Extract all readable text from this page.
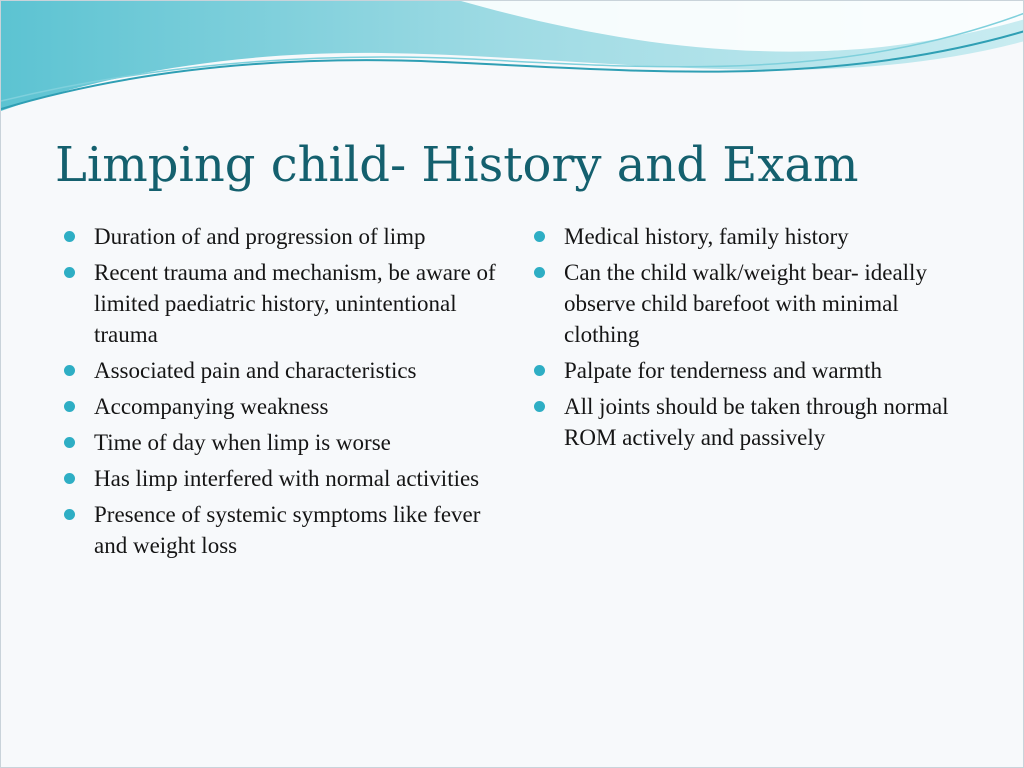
Limping child- History and Exam
Duration of and progression of limp
Recent trauma and mechanism, be aware of limited paediatric history, unintentional trauma
Associated pain and characteristics
Accompanying weakness
Time of day when limp is worse
Has limp interfered with normal activities
Presence of systemic symptoms like fever and weight loss
Medical history, family history
Can the child walk/weight bear- ideally observe child barefoot with minimal clothing
Palpate for tenderness and warmth
All joints should be taken through normal ROM actively and passively
